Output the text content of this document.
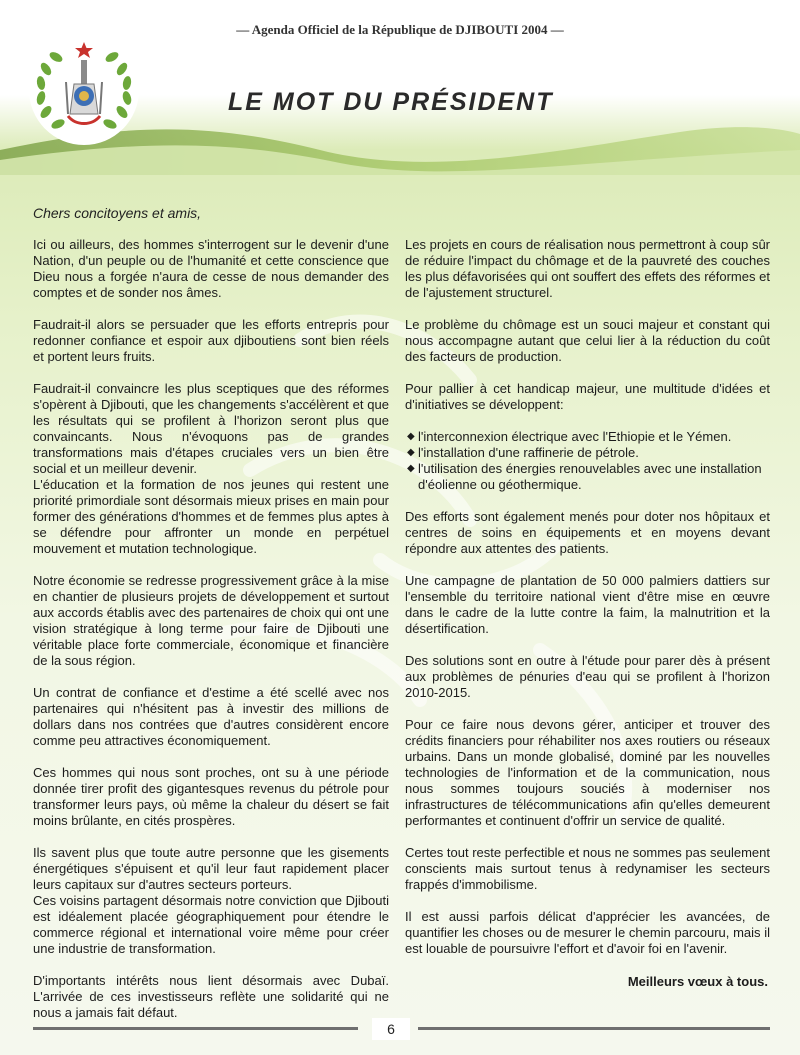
— Agenda Officiel de la République de DJIBOUTI 2004 —
LE MOT DU PRÉSIDENT
Chers concitoyens et amis,

Ici ou ailleurs, des hommes s'interrogent sur le devenir d'une Nation, d'un peuple ou de l'humanité et cette conscience que Dieu nous a forgée n'aura de cesse de nous demander des comptes et de sonder nos âmes.

Faudrait-il alors se persuader que les efforts entrepris pour redonner confiance et espoir aux djiboutiens sont bien réels et portent leurs fruits.

Faudrait-il convaincre les plus sceptiques que des réformes s'opèrent à Djibouti, que les changements s'accélèrent et que les résultats qui se profilent à l'horizon seront plus que convaincants. Nous n'évoquons pas de grandes transformations mais d'étapes cruciales vers un bien être social et un meilleur devenir.

L'éducation et la formation de nos jeunes qui restent une priorité primordiale sont désormais mieux prises en main pour former des générations d'hommes et de femmes plus aptes à se défendre pour affronter un monde en perpétuel mouvement et mutation technologique.

Notre économie se redresse progressivement grâce à la mise en chantier de plusieurs projets de développement et surtout aux accords établis avec des partenaires de choix qui ont une vision stratégique à long terme pour faire de Djibouti une véritable place forte commerciale, économique et financière de la sous région.

Un contrat de confiance et d'estime a été scellé avec nos partenaires qui n'hésitent pas à investir des millions de dollars dans nos contrées que d'autres considèrent encore comme peu attractives économiquement.

Ces hommes qui nous sont proches, ont su à une période donnée tirer profit des gigantesques revenus du pétrole pour transformer leurs pays, où même la chaleur du désert se fait moins brûlante, en cités prospères.

Ils savent plus que toute autre personne que les gisements énergétiques s'épuisent et qu'il leur faut rapidement placer leurs capitaux sur d'autres secteurs porteurs.

Ces voisins partagent désormais notre conviction que Djibouti est idéalement placée géographiquement pour étendre le commerce régional et international voire même pour créer une industrie de transformation.

D'importants intérêts nous lient désormais avec Dubaï. L'arrivée de ces investisseurs reflète une solidarité qui ne nous a jamais fait défaut.

Les projets en cours de réalisation nous permettront à coup sûr de réduire l'impact du chômage et de la pauvreté des couches les plus défavorisées qui ont souffert des effets des réformes et de l'ajustement structurel.

Le problème du chômage est un souci majeur et constant qui nous accompagne autant que celui lier à la réduction du coût des facteurs de production.

Pour pallier à cet handicap majeur, une multitude d'idées et d'initiatives se développent:

◆ l'interconnexion électrique avec l'Ethiopie et le Yémen.
◆ l'installation d'une raffinerie de pétrole.
◆ l'utilisation des énergies renouvelables avec une installation d'éolienne ou géothermique.

Des efforts sont également menés pour doter nos hôpitaux et centres de soins en équipements et en moyens devant répondre aux attentes des patients.

Une campagne de plantation de 50 000 palmiers dattiers sur l'ensemble du territoire national vient d'être mise en œuvre dans le cadre de la lutte contre la faim, la malnutrition et la désertification.

Des solutions sont en outre à l'étude pour parer dès à présent aux problèmes de pénuries d'eau qui se profilent à l'horizon 2010-2015.

Pour ce faire nous devons gérer, anticiper et trouver des crédits financiers pour réhabiliter nos axes routiers ou réseaux urbains. Dans un monde globalisé, dominé par les nouvelles technologies de l'information et de la communication, nous nous sommes toujours souciés à moderniser nos infrastructures de télécommunications afin qu'elles demeurent performantes et continuent d'offrir un service de qualité.

Certes tout reste perfectible et nous ne sommes pas seulement conscients mais surtout tenus à redynamiser les secteurs frappés d'immobilisme.

Il est aussi parfois délicat d'apprécier les avancées, de quantifier les choses ou de mesurer le chemin parcouru, mais il est louable de poursuivre l'effort et d'avoir foi en l'avenir.

Meilleurs vœux à tous.
6
